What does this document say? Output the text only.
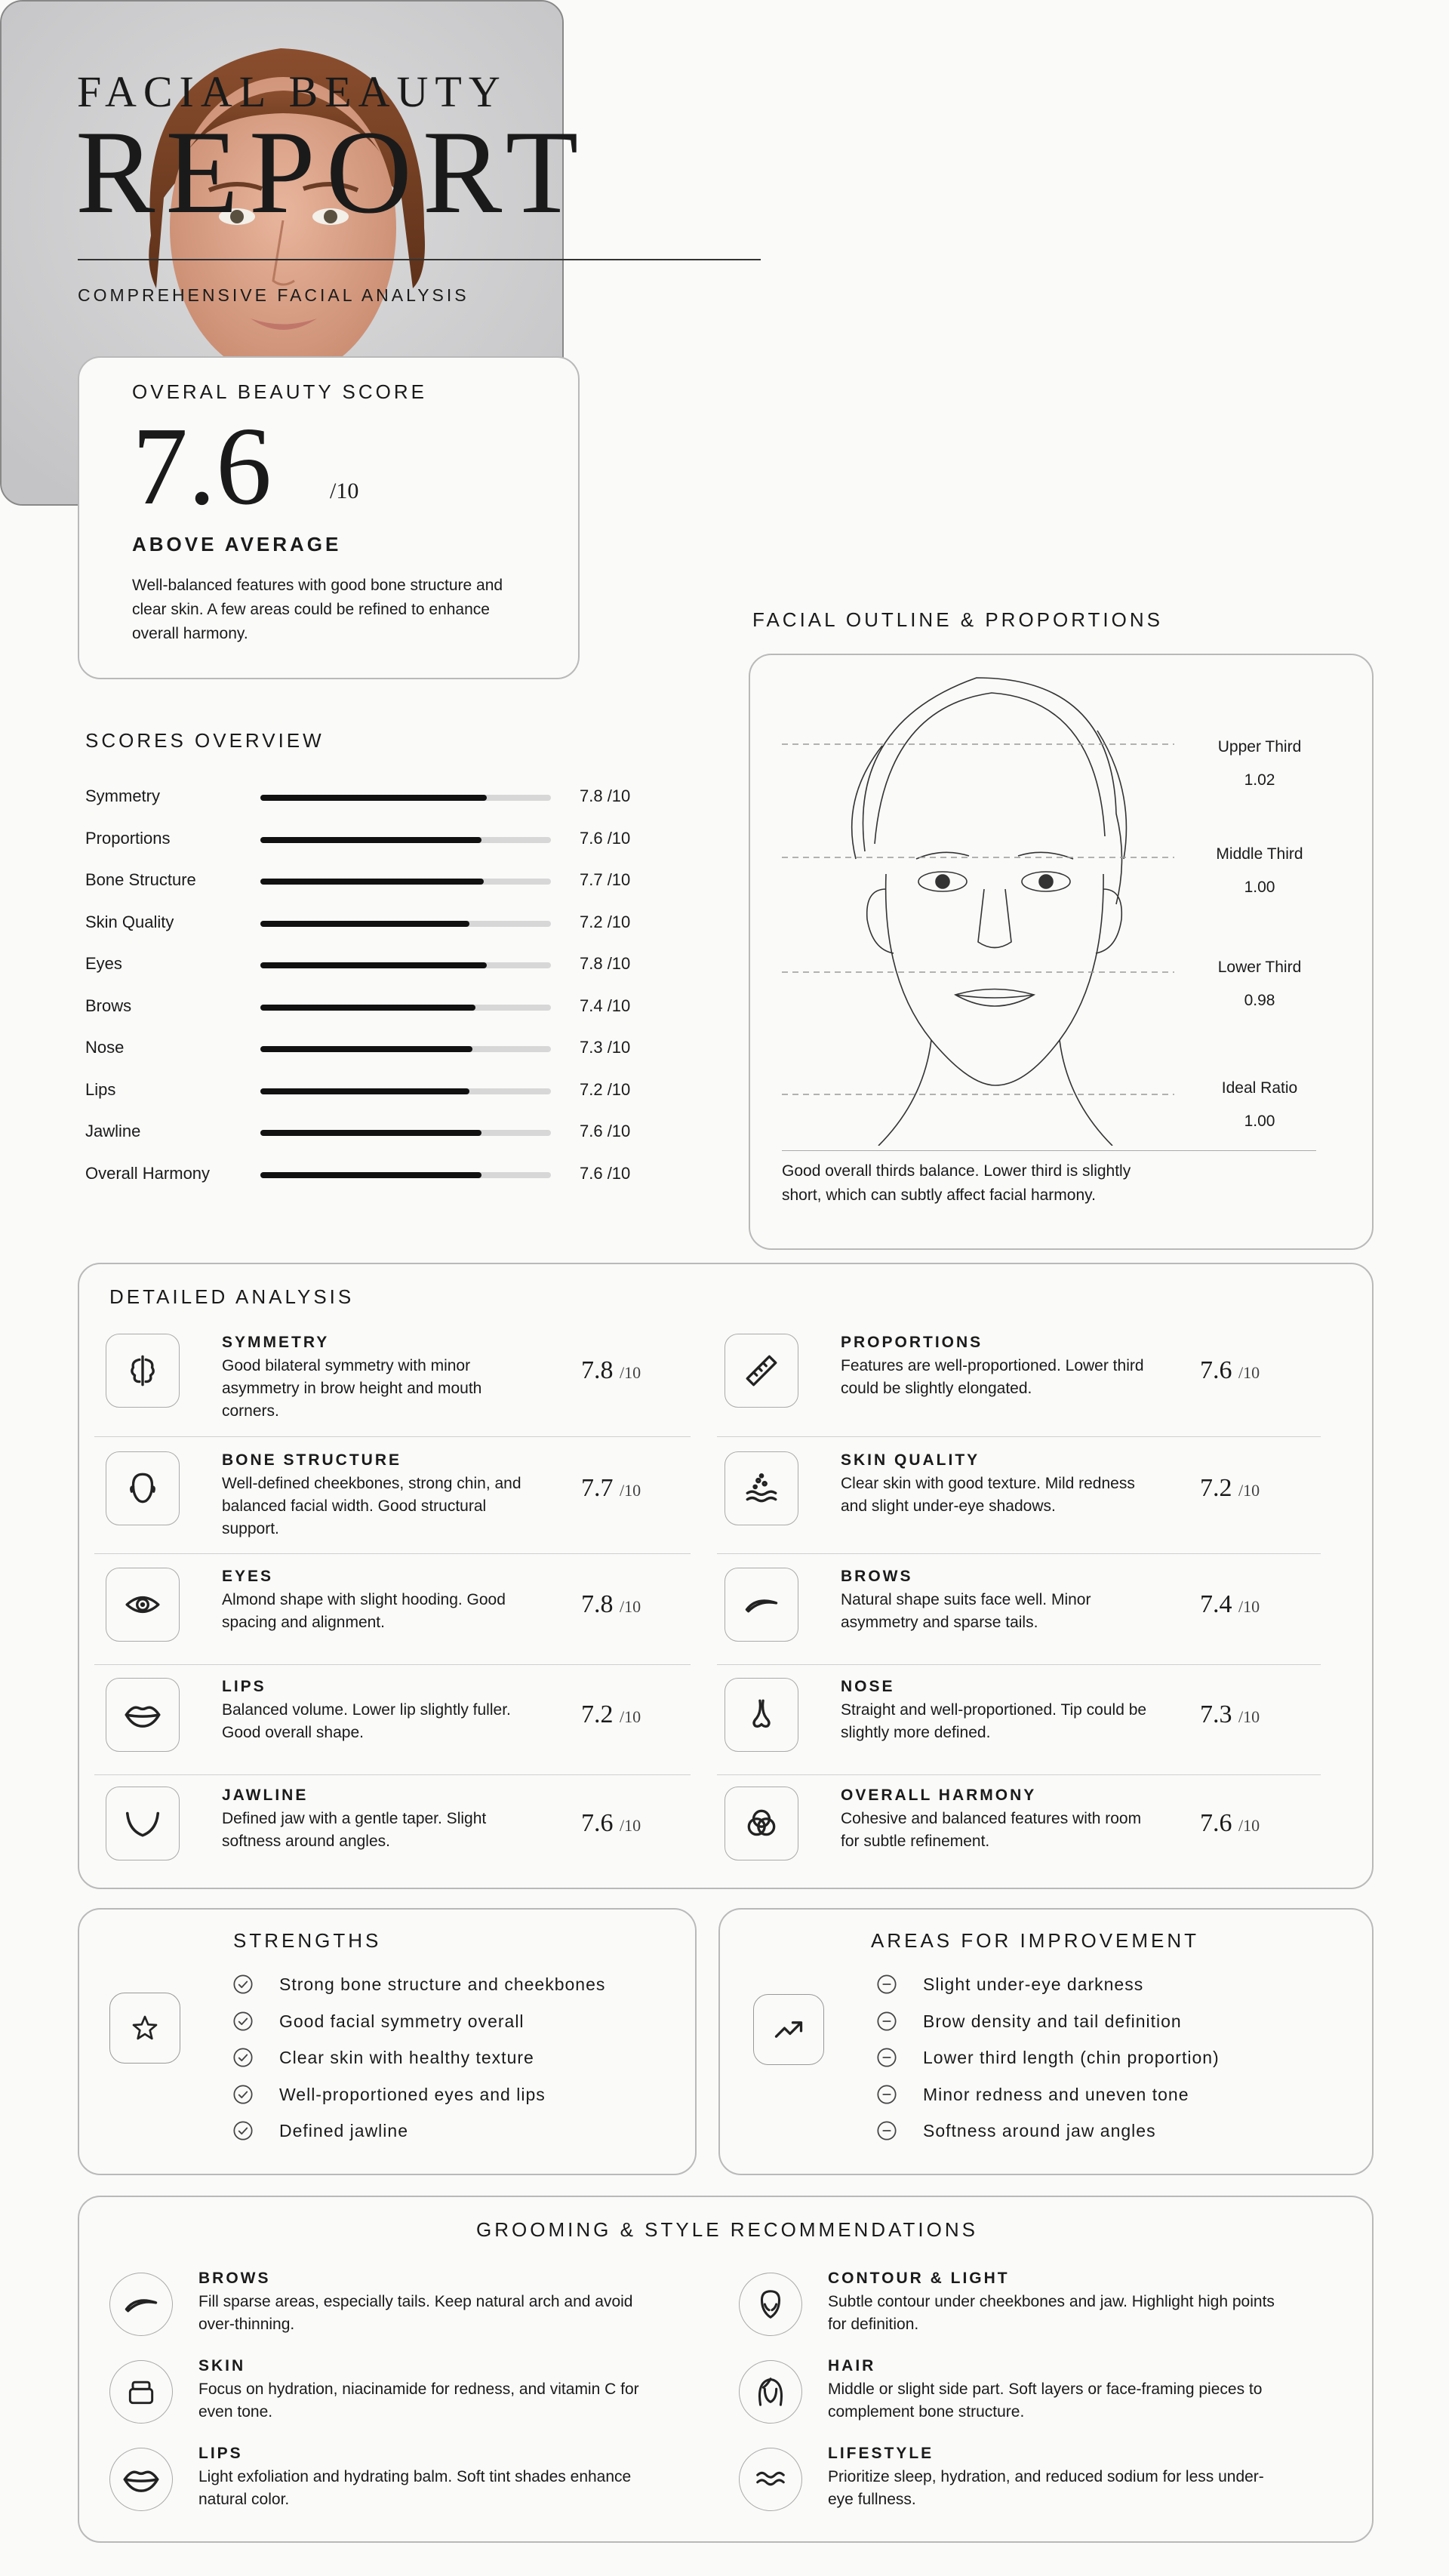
FACIAL BEAUTY
REPORT
COMPREHENSIVE FACIAL ANALYSIS
OVERAL BEAUTY SCORE
7.6	/10
ABOVE AVERAGE
Well-balanced features with good bone structure and clear skin. A few areas could be refined to enhance overall harmony.
SCORES OVERVIEW
Symmetry	7.8 /10
Proportions	7.6 /10
Bone Structure	7.7 /10
Skin Quality	7.2 /10
Eyes	7.8 /10
Brows	7.4 /10
Nose	7.3 /10
Lips	7.2 /10
Jawline	7.6 /10
Overall Harmony	7.6 /10
FACIAL OUTLINE & PROPORTIONS
Upper Third
1.02
Middle Third
1.00
Lower Third
0.98
Ideal Ratio
1.00
Good overall thirds balance. Lower third is slightly short, which can subtly affect facial harmony.
DETAILED ANALYSIS
SYMMETRY
Good bilateral symmetry with minor asymmetry in brow height and mouth corners.
7.8 /10
PROPORTIONS
Features are well-proportioned. Lower third could be slightly elongated.
7.6 /10
BONE STRUCTURE
Well-defined cheekbones, strong chin, and balanced facial width. Good structural support.
7.7 /10
SKIN QUALITY
Clear skin with good texture. Mild redness and slight under-eye shadows.
7.2 /10
EYES
Almond shape with slight hooding. Good spacing and alignment.
7.8 /10
BROWS
Natural shape suits face well. Minor asymmetry and sparse tails.
7.4 /10
LIPS
Balanced volume. Lower lip slightly fuller. Good overall shape.
7.2 /10
NOSE
Straight and well-proportioned. Tip could be slightly more defined.
7.3 /10
JAWLINE
Defined jaw with a gentle taper. Slight softness around angles.
7.6 /10
OVERALL HARMONY
Cohesive and balanced features with room for subtle refinement.
7.6 /10
STRENGTHS
Strong bone structure and cheekbones
Good facial symmetry overall
Clear skin with healthy texture
Well-proportioned eyes and lips
Defined jawline
AREAS FOR IMPROVEMENT
Slight under-eye darkness
Brow density and tail definition
Lower third length (chin proportion)
Minor redness and uneven tone
Softness around jaw angles
GROOMING & STYLE RECOMMENDATIONS
BROWS
Fill sparse areas, especially tails. Keep natural arch and avoid over-thinning.
CONTOUR & LIGHT
Subtle contour under cheekbones and jaw. Highlight high points for definition.
SKIN
Focus on hydration, niacinamide for redness, and vitamin C for even tone.
HAIR
Middle or slight side part. Soft layers or face-framing pieces to complement bone structure.
LIPS
Light exfoliation and hydrating balm. Soft tint shades enhance natural color.
LIFESTYLE
Prioritize sleep, hydration, and reduced sodium for less under-eye fullness.
